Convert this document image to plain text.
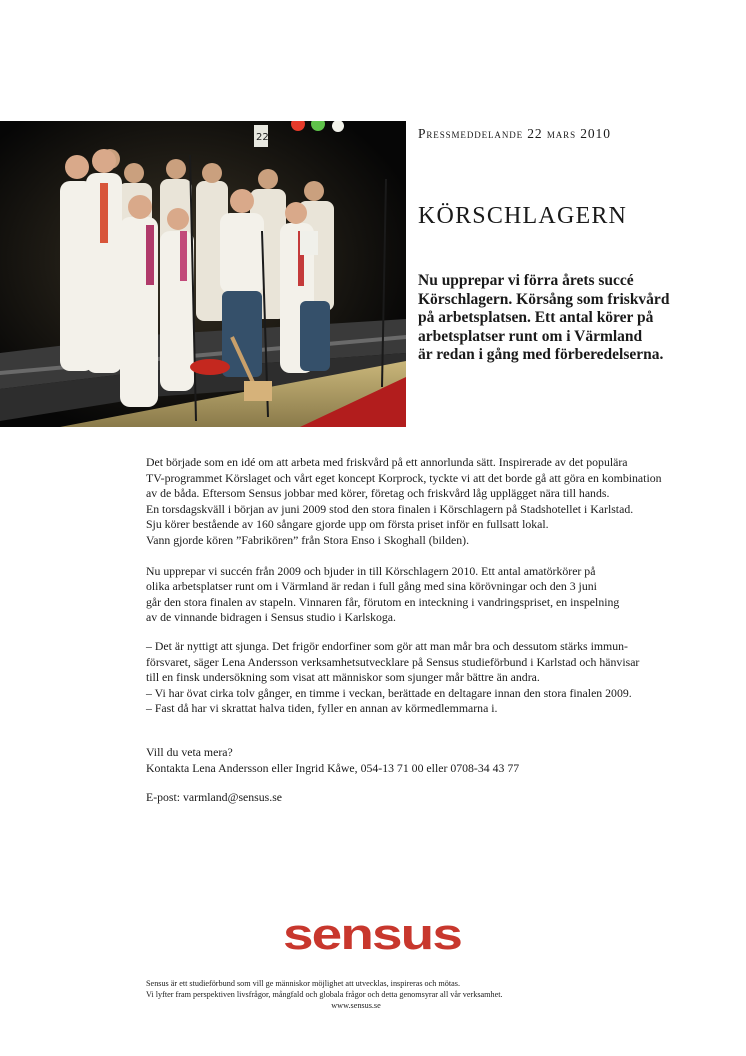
22	Pressmeddelande 22 mars 2010
KÖRSCHLAGERN
Nu upprepar vi förra årets succé
Körschlagern. Körsång som friskvård
på arbetsplatsen. Ett antal körer på
arbetsplatser runt om i Värmland
är redan i gång med förberedelserna.
Det började som en idé om att arbeta med friskvård på ett annorlunda sätt. Inspirerade av det populära
TV-programmet Körslaget och vårt eget koncept Korprock, tyckte vi att det borde gå att göra en kombination
av de båda. Eftersom Sensus jobbar med körer, företag och friskvård låg upplägget nära till hands.
En torsdagskväll i början av juni 2009 stod den stora finalen i Körschlagern på Stadshotellet i Karlstad.
Sju körer bestående av 160 sångare gjorde upp om första priset inför en fullsatt lokal.
Vann gjorde kören ”Fabrikören” från Stora Enso i Skoghall (bilden).
Nu upprepar vi succén från 2009 och bjuder in till Körschlagern 2010. Ett antal amatörkörer på
olika arbetsplatser runt om i Värmland är redan i full gång med sina körövningar och den 3 juni
går den stora finalen av stapeln. Vinnaren får, förutom en inteckning i vandringspriset, en inspelning
av de vinnande bidragen i Sensus studio i Karlskoga.
– Det är nyttigt att sjunga. Det frigör endorfiner som gör att man mår bra och dessutom stärks immun-
försvaret, säger Lena Andersson verksamhetsutvecklare på Sensus studieförbund i Karlstad och hänvisar
till en finsk undersökning som visat att människor som sjunger mår bättre än andra.
– Vi har övat cirka tolv gånger, en timme i veckan, berättade en deltagare innan den stora finalen 2009.
– Fast då har vi skrattat halva tiden, fyller en annan av körmedlemmarna i.
Vill du veta mera?
Kontakta Lena Andersson eller Ingrid Kåwe, 054-13 71 00 eller 0708-34 43 77
E-post: varmland@sensus.se
sensus
Sensus är ett studieförbund som vill ge människor möjlighet att utvecklas, inspireras och mötas.
Vi lyfter fram perspektiven livsfrågor, mångfald och globala frågor och detta genomsyrar all vår verksamhet.
www.sensus.se
